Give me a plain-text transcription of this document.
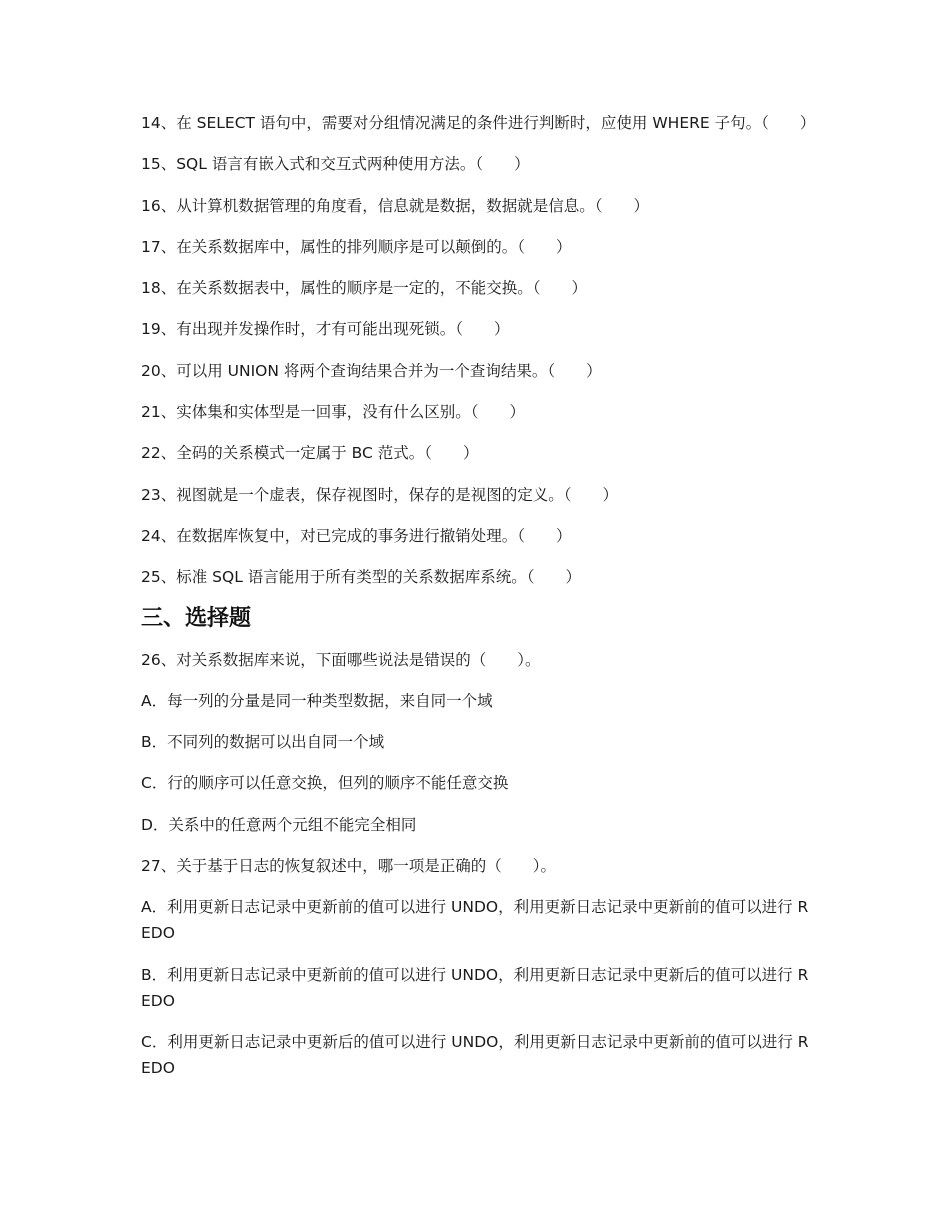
14、在 SELECT 语句中，需要对分组情况满足的条件进行判断时，应使用 WHERE 子句。（　　）
15、SQL 语言有嵌入式和交互式两种使用方法。（　　）
16、从计算机数据管理的角度看，信息就是数据，数据就是信息。（　　）
17、在关系数据库中，属性的排列顺序是可以颠倒的。（　　）
18、在关系数据表中，属性的顺序是一定的，不能交换。（　　）
19、有出现并发操作时，才有可能出现死锁。（　　）
20、可以用 UNION 将两个查询结果合并为一个查询结果。（　　）
21、实体集和实体型是一回事，没有什么区别。（　　）
22、全码的关系模式一定属于 BC 范式。（　　）
23、视图就是一个虚表，保存视图时，保存的是视图的定义。（　　）
24、在数据库恢复中，对已完成的事务进行撤销处理。（　　）
25、标准 SQL 语言能用于所有类型的关系数据库系统。（　　）
三、选择题
26、对关系数据库来说，下面哪些说法是错误的（　　）。
A．每一列的分量是同一种类型数据，来自同一个域
B．不同列的数据可以出自同一个域
C．行的顺序可以任意交换，但列的顺序不能任意交换
D．关系中的任意两个元组不能完全相同
27、关于基于日志的恢复叙述中，哪一项是正确的（　　）。
A．利用更新日志记录中更新前的值可以进行 UNDO，利用更新日志记录中更新前的值可以进行 REDO
B．利用更新日志记录中更新前的值可以进行 UNDO，利用更新日志记录中更新后的值可以进行 REDO
C．利用更新日志记录中更新后的值可以进行 UNDO，利用更新日志记录中更新前的值可以进行 REDO
